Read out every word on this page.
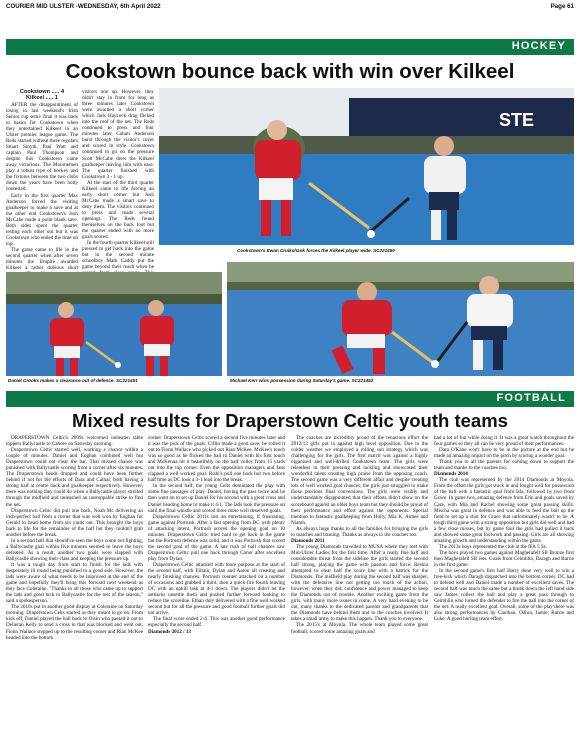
COURIER MID ULSTER -WEDNESDAY, 6th April 2022	Page 61
HOCKEY
Cookstown bounce back with win over Kilkeel

Cookstown ..... 4

Kilkeel ..... 1

AFTER the disappointment of losing in last weekend's Irish Senior cup semi- final it was back to basics for Cookstown when they entertained Kilkeel in an Ulster premier league game. The Reds started without three regulars Stuart Smyth, Paul Watt and captain Paul Thompson and despite this Cookstown came away victorious. The Mournemen play a robust type of hockey and the fixtures between the two clubs down the years have been hotly contested.

Early in the first quarter Max Anderson forced the visiting goalkeeper to make a save and at the other end Cookstown's Josh McCabe made a point blank save. Both sides spent the quarter testing each other out but it was Cookstown who ended the time on top.

The game came to life in the second quarter when after seven minutes the Umpire awarded Kilkeel a rather dubious short

visitors one up. However, they didn't stay in front for long as three minutes later Cookstown were awarded a short corner which Jack Haycock drag flicked into the roof of the net. The Reds continued to press and four minutes later Calum Anderson burst through the visitor's cover and scored in style. Cookstown continued to go on the pressure Scott McCabe drew the Kilkeel goalkeeper leaving him with ease. The quarter finished with Cookstown 3 - 1 up.

At the start of the third quarter Kilkeel came to life forcing an early short corner but Josh McCabe made a smart save to deny them. The visitors continued to press and made several openings. The Reds found themselves on the back foot but the quarter ended with no more goals scored.

In the fourth quarter Kilkeel still pressed to get back into the game but in the second minute schoolboy Mark Caddy put the game beyond their reach when he

STE
Cookstown's Ewan Cruikshank forces the Kilkeel player wide. SC221450
Daniel Crooks makes a clearance out of defence. SC221451	Michael Kerr wins possession during Saturday's game. SC221452
FOOTBALL
Mixed results for Draperstown Celtic youth teams

DRAPERSTOWN Celtic's 2009s welcomed unbeaten table toppers Ballycastle to Cahore on Saturday morning.

Draperstown Celtic started well, working a chance within a couple of minutes. Daniel and Eoghan combined well but Draperstown could not clear the bar. That missed chance was punished with Ballycastle scoring from a corner after six minutes. The Draperstown heads dropped and could have been further behind if not for the efforts of Dara and Cathal, both having a strong half at centre back and goalkeeper respectively. However, there was nothing they could do when a Ballycastle player strolled through the midfield and unleashed an unstoppable strike to find the net.

Draperstown Celtic did pull one back, Noah Mc delivering an inch-perfect ball from a corner that was well won by Eoghan for Gerald to head home from six yards out. This brought the boys back to life for the remainder of the half but they couldn't grab another before the break.

In a second half that should've seen the boys come out fighting, a Ballycastle goal within five minutes seemed to leave the boys defeated. As a result, another two goals were slapped with Ballycastle showing their class and keeping the pressure up.

It was a tough day from start to finish for the lads with desperately ill round being punished to a good side. However, the lads were aware of what needs to be improved at the end of the game and hopefully they'll bring this forward next weekend as they face Coleraine. "Thanks to all those who came up to support the lads and good luck to Ballycastle for the rest of the season," said a spokesperson.

The 2010s put in another good display at Coleraine on Saturday morning. Draperstown Celts started as they meant to go on. From kick off, Daniel played the ball back to Oisin who passed it out to Delleran Kelly to send a cross in that was blocked and went out. Fionn Wallace stepped up to the resulting corner and Rian McKee headed into the bottom

corner. Draperstown Celtic scored a second five minutes later and it was the pick of the goals. Ciflin made a good save, he rolled it out to Fionn Wallace who picked out Rian McKee. McKee's touch was so good as he flicked the ball to Daniel with his first touch and McKenna hit it beautifully on the half volley from 15 yards out into the top corner. Even the opposition managers and fans clapped a well worked goal. Rishi's pull one back but two before half time as DC took a 3-1 lead into the break.

In the second half, the young Celts dominated the play with some fine passages of play. Daniel, having the pass twice and he then went on to set up Daniel for his second with a great cross and Daniel heading home to make it 4-1. The lads took the pressure on until the final whistle and scored three more well deserved goals.

Draperstown Celtic 2011s lost an entertaining, if frustrating, game against Portrush. After a fast opening from DC with plenty of attacking intent, Portrush scored the opening goal on 10 minutes. Draperstown Celtic tried hard to get back in the game but the Portrush defence was solid, and it was Portrush that scored the second goal of the game. A late rush of ball chances saw Draperstown Celtic pull one back through Conor after excellent play from Dylan.

Draperstown Celtic attacked with more purpose at the start of the second half, with Eiltain, Dylan and Aaron all creating and nearly finishing chances. Portrush counter attacked on a number of occasions and grabbed a third, then a quick-fire fourth leaving DC with an uphill task at 4-1 down. The players didn't let the setbacks unsettle them and pushed further forward looking to reduce the scoreline. Ethan duly delivered with a fine well worked second but for all the pressure and good football further goals did not arrive.

The final score ended 2-4. This was another good performance especially the second half.

Diamonds 2012 / 13

The coaches are incredibly proud of the tenacious effort the 2012/13 girls put in against high level opposition. Due to the colder weather we employed a rolling sub strategy which was challenging for the girls. The first match was against a highly organised and well-drilled Cookstown team. The girls were relentless in their pressing and tackling and showcased their wonderful talent creating high praise from the opposing coach. The second game was a very different affair and despite creating lots of well worked goal chances, the girls just struggled to make those precious final conversions. The girls were visibly and understandably disappointed that their efforts didn't show on the scoreboard against an older boys team but they should be proud of their performance and effort against the opponents. Special mention to fantastic goalkeeping from Holly, Mia K, Aimee and Niamh.

As always huge thanks to all the families for bringing the girls to matches and training. Thanks as always to the coaches too.

Diamonds 2011

The young Diamonds travelled to MUSA where they met with Mid-Ulster Ladies for the first time. After a really fine half and considerable threat from the sideline the girls started the second half strong, playing the game with passion and force. Reshia attempted to clear half the score line with a hatrick for the Diamonds. The midfield play during the second half was sharper, with the defensive line not getting too much of the action, however, when they did, confidence and power managed to keep the Diamonds out of trouble. Another exciting game from the girls, with many more issues to come. A very hard evening to be out, many thanks to the dedicated parents and grandparents that the Diamonds have behind them and to the coaches involved. It takes a small army to make this happen. Thank you to everyone.

The 2015's at Moyola. The whole team played some great football, scored some amazing goals and

had a lot of fun while doing it. It was a great watch throughout the four games so they all can be very proud of their performances.

Dara O'Kane won't have to be in the picture at the end but he made an amazing impact on the pitch by scoring a wonder goal.

Thank you to all the parents for coming down to support the team and thanks to the coaches too.

Diamonds 2014

The club was represented by the 2014 Diamonds at Moyola. From the offset the girls got stuck in and fought well for possession of the ball with a fantastic goal from Isla, followed by two from Grace. In game two, amazing defence from Erin and goals saved by Cara, with Mia and Rachel showing some great passing skills. Mischa was great in defence and was able to feed the ball up the field to set up a shot for Grace that unfortunately wasn't to be. A tough third game with a strong opposition but girls did well and had a few close misses, but by game four the girls had pulled it back and showed some great footwork and passing. Girls are all showing amazing growth and understanding within the game.

The 2013s boys represented the club at the IFA 5 Ss.

The boys played two games against Magherafelt SB Bronze first then Magherafelt SB Jets. Goals from Ceimhlin, Daragh and Barrie in the first game.

In the second game's first half Harry done very well to win a free-kick which Daragh dispatched into the bottom corner. DC had to defend well and Daniel made a number of excellent saves. The second half was much the same but a break down the left hand side saw James collect the ball and play a great pass through to Ceimhlin who turned the defender to fire the ball into the corner of the net. A really excellent goal. Overall, some of the play there was also strong performances by Caolhan, Odhra, Jamie, Barrie and Luke. A good hurling team effort.
